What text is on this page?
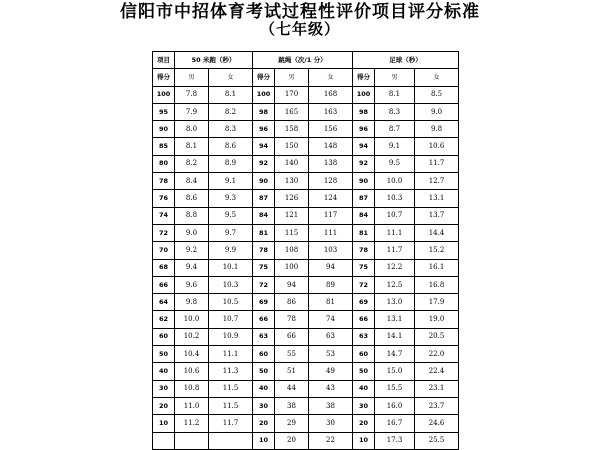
信阳市中招体育考试过程性评价项目评分标准
（七年级）
项目	50 米跑（秒）		跳绳（次/1 分）			足球（秒）		
得分	男	女	得分	男	女	得分	男	女
100	7.8	8.1	100	170	168	100	8.1	8.5
95	7.9	8.2	98	165	163	98	8.3	9.0
90	8.0	8.3	96	158	156	96	8.7	9.8
85	8.1	8.6	94	150	148	94	9.1	10.6
80	8.2	8.9	92	140	138	92	9.5	11.7
78	8.4	9.1	90	130	128	90	10.0	12.7
76	8.6	9.3	87	126	124	87	10.3	13.1
74	8.8	9.5	84	121	117	84	10.7	13.7
72	9.0	9.7	81	115	111	81	11.1	14.4
70	9.2	9.9	78	108	103	78	11.7	15.2
68	9.4	10.1	75	100	94	75	12.2	16.1
66	9.6	10.3	72	94	89	72	12.5	16.8
64	9.8	10.5	69	86	81	69	13.0	17.9
62	10.0	10.7	66	78	74	66	13.1	19.0
60	10.2	10.9	63	66	63	63	14.1	20.5
50	10.4	11.1	60	55	53	60	14.7	22.0
40	10.6	11.3	50	51	49	50	15.0	22.4
30	10.8	11.5	40	44	43	40	15.5	23.1
20	11.0	11.5	30	38	38	30	16.0	23.7
10	11.2	11.7	20	29	30	20	16.7	24.6
			10	20	22	10	17.3	25.5
